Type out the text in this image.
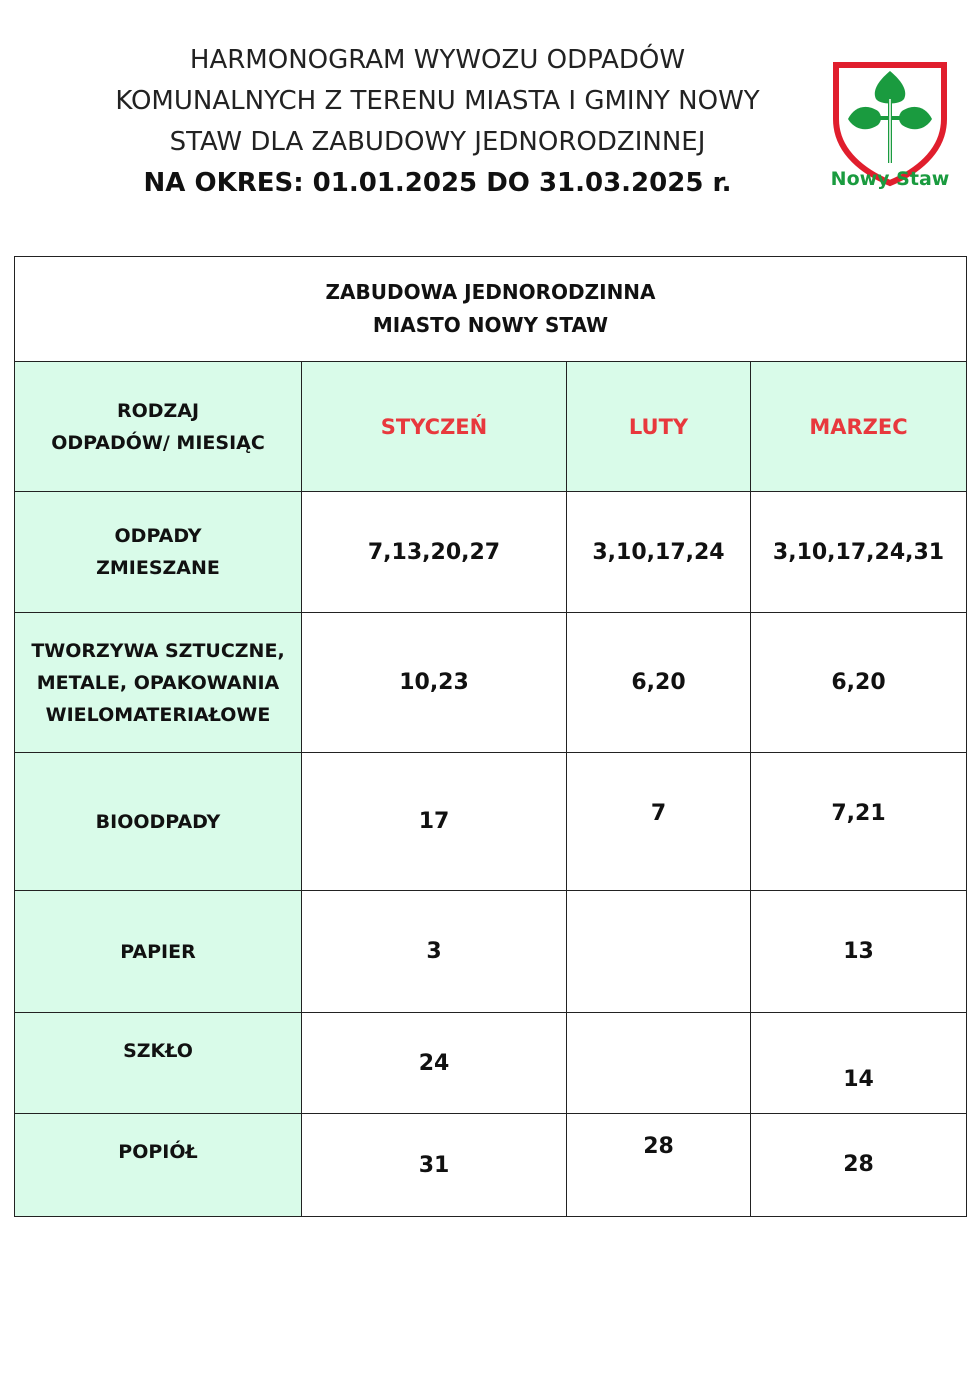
HARMONOGRAM WYWOZU ODPADÓW
KOMUNALNYCH Z TERENU MIASTA I GMINY NOWY
STAW DLA ZABUDOWY JEDNORODZINNEJ
NA OKRES: 01.01.2025 DO 31.03.2025 r.	Nowy Staw
ZABUDOWA JEDNORODZINNA
MIASTO NOWY STAW			

RODZAJ
ODPADÓW/ MIESIĄC	STYCZEŃ	LUTY	MARZEC

ODPADY
ZMIESZANE	7,13,20,27	3,10,17,24	3,10,17,24,31

TWORZYWA SZTUCZNE,
METALE, OPAKOWANIA
WIELOMATERIAŁOWE	10,23	6,20	6,20

BIOODPADY	17	7	7,21

PAPIER	3		13

SZKŁO	24		14

POPIÓŁ	31	28	28
